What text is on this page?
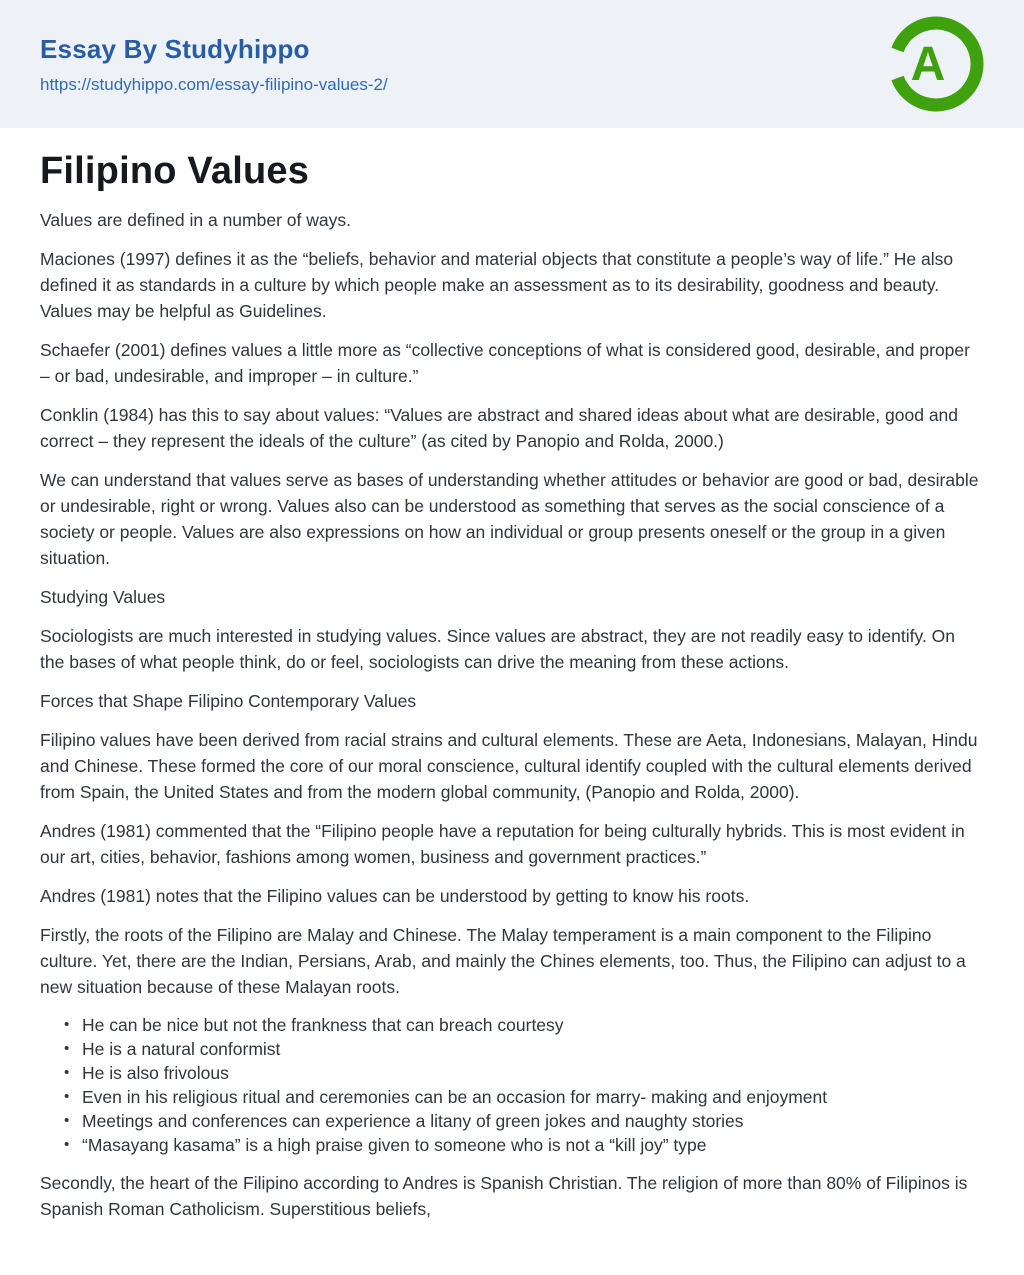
Essay By Studyhippo
https://studyhippo.com/essay-filipino-values-2/	A
Filipino Values

Values are defined in a number of ways.

Maciones (1997) defines it as the “beliefs, behavior and material objects that constitute a people’s way of life.” He also defined it as standards in a culture by which people make an assessment as to its desirability, goodness and beauty. Values may be helpful as Guidelines.

Schaefer (2001) defines values a little more as “collective conceptions of what is considered good, desirable, and proper – or bad, undesirable, and improper – in culture.”

Conklin (1984) has this to say about values: “Values are abstract and shared ideas about what are desirable, good and correct – they represent the ideals of the culture” (as cited by Panopio and Rolda, 2000.)

We can understand that values serve as bases of understanding whether attitudes or behavior are good or bad, desirable or undesirable, right or wrong. Values also can be understood as something that serves as the social conscience of a society or people. Values are also expressions on how an individual or group presents oneself or the group in a given situation.

Studying Values

Sociologists are much interested in studying values. Since values are abstract, they are not readily easy to identify. On the bases of what people think, do or feel, sociologists can drive the meaning from these actions.

Forces that Shape Filipino Contemporary Values

Filipino values have been derived from racial strains and cultural elements. These are Aeta, Indonesians, Malayan, Hindu and Chinese. These formed the core of our moral conscience, cultural identify coupled with the cultural elements derived from Spain, the United States and from the modern global community, (Panopio and Rolda, 2000).

Andres (1981) commented that the “Filipino people have a reputation for being culturally hybrids. This is most evident in our art, cities, behavior, fashions among women, business and government practices.”

Andres (1981) notes that the Filipino values can be understood by getting to know his roots.

Firstly, the roots of the Filipino are Malay and Chinese. The Malay temperament is a main component to the Filipino culture. Yet, there are the Indian, Persians, Arab, and mainly the Chines elements, too. Thus, the Filipino can adjust to a new situation because of these Malayan roots.

• He can be nice but not the frankness that can breach courtesy
• He is a natural conformist
• He is also frivolous
• Even in his religious ritual and ceremonies can be an occasion for marry- making and enjoyment
• Meetings and conferences can experience a litany of green jokes and naughty stories
• “Masayang kasama” is a high praise given to someone who is not a “kill joy” type

Secondly, the heart of the Filipino according to Andres is Spanish Christian. The religion of more than 80% of Filipinos is Spanish Roman Catholicism. Superstitious beliefs,
